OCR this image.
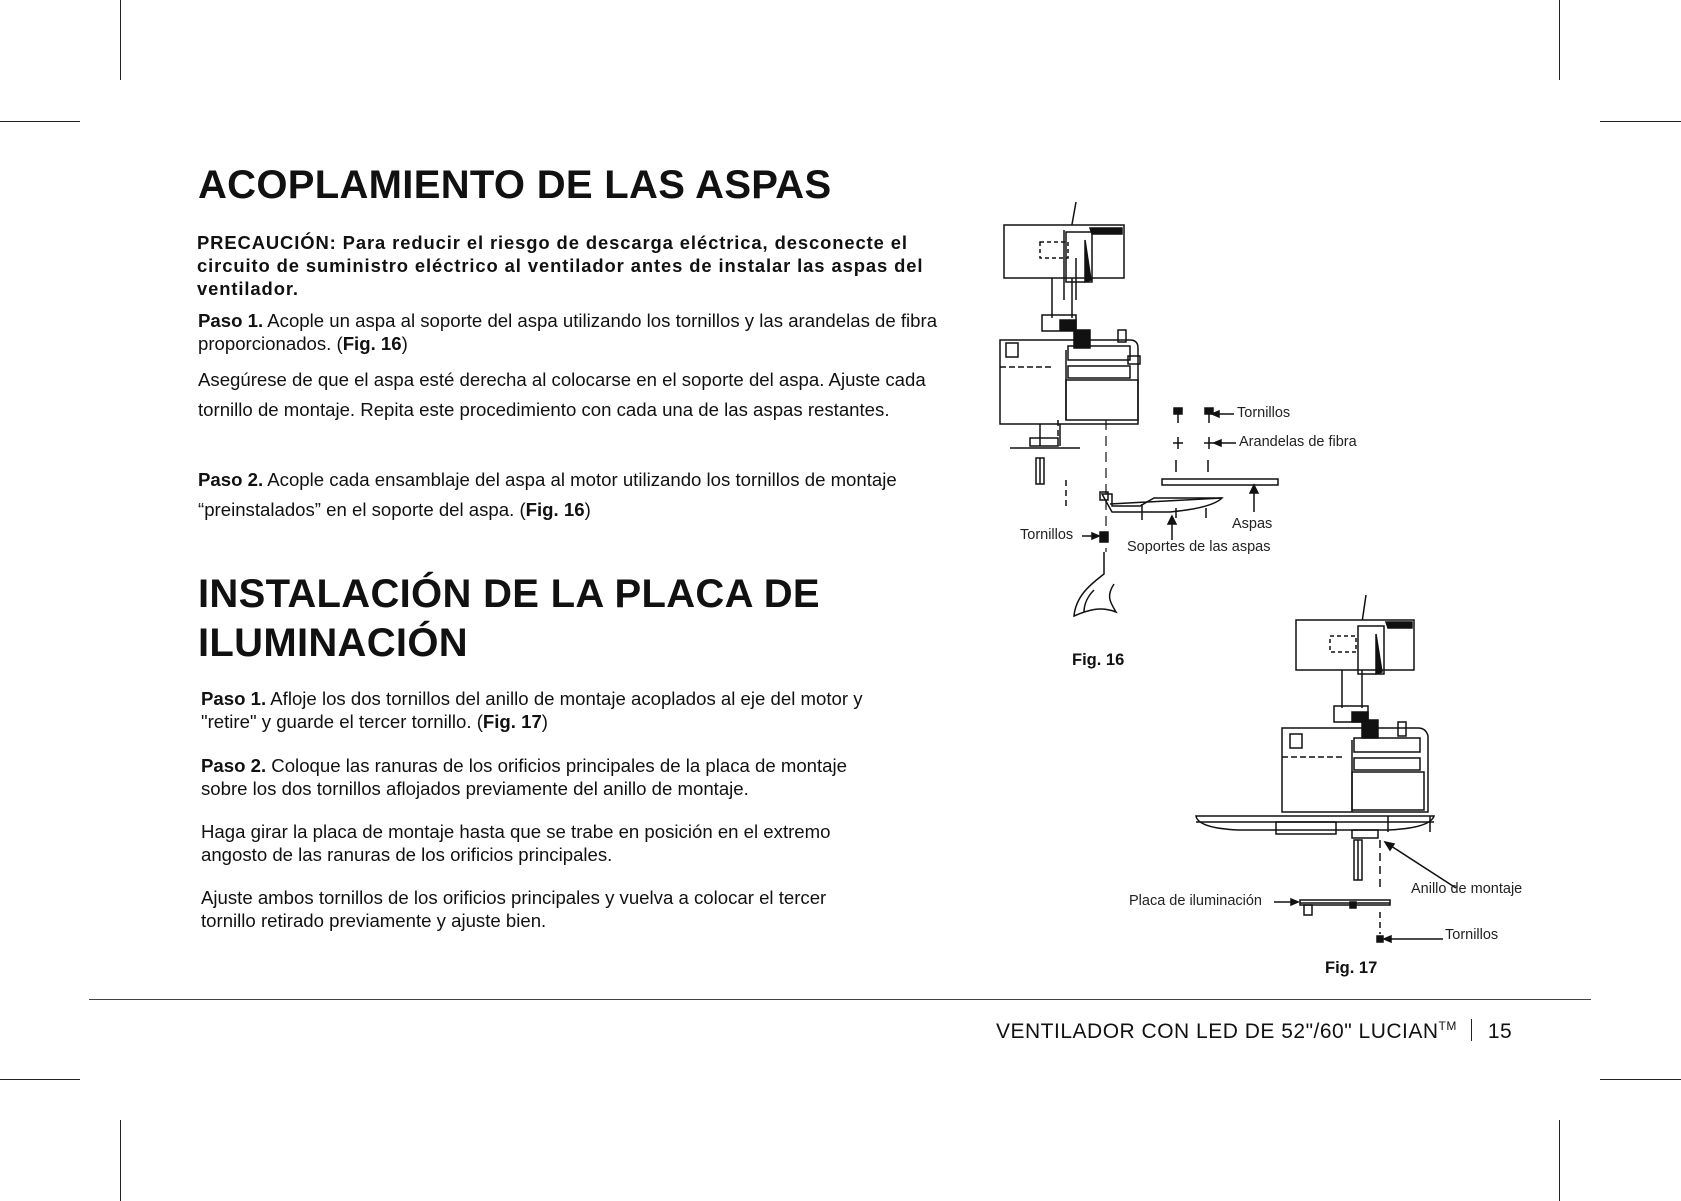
ACOPLAMIENTO DE LAS ASPAS
PRECAUCIÓN: Para reducir el riesgo de descarga eléctrica, desconecte el circuito de suministro eléctrico al ventilador antes de instalar las aspas del ventilador.

Paso 1. Acople un aspa al soporte del aspa utilizando los tornillos y las arandelas de fibra proporcionados. (Fig. 16)

Asegúrese de que el aspa esté derecha al colocarse en el soporte del aspa. Ajuste cada tornillo de montaje. Repita este procedimiento con cada una de las aspas restantes.

Paso 2. Acople cada ensamblaje del aspa al motor utilizando los tornillos de montaje “preinstalados” en el soporte del aspa. (Fig. 16)

INSTALACIÓN DE LA PLACA DE
ILUMINACIÓN

Paso 1. Afloje los dos tornillos del anillo de montaje acoplados al eje del motor y "retire" y guarde el tercer tornillo. (Fig. 17)

Paso 2. Coloque las ranuras de los orificios principales de la placa de montaje sobre los dos tornillos aflojados previamente del anillo de montaje.

Haga girar la placa de montaje hasta que se trabe en posición en el extremo angosto de las ranuras de los orificios principales.

Ajuste ambos tornillos de los orificios principales y vuelva a colocar el tercer tornillo retirado previamente y ajuste bien.

Tornillos
Arandelas de fibra
Aspas
Tornillos
Soportes de las aspas
Fig. 16
Anillo de montaje
Placa de iluminación
Tornillos
Fig. 17
VENTILADOR CON LED DE 52"/60" LUCIAN™ 15
